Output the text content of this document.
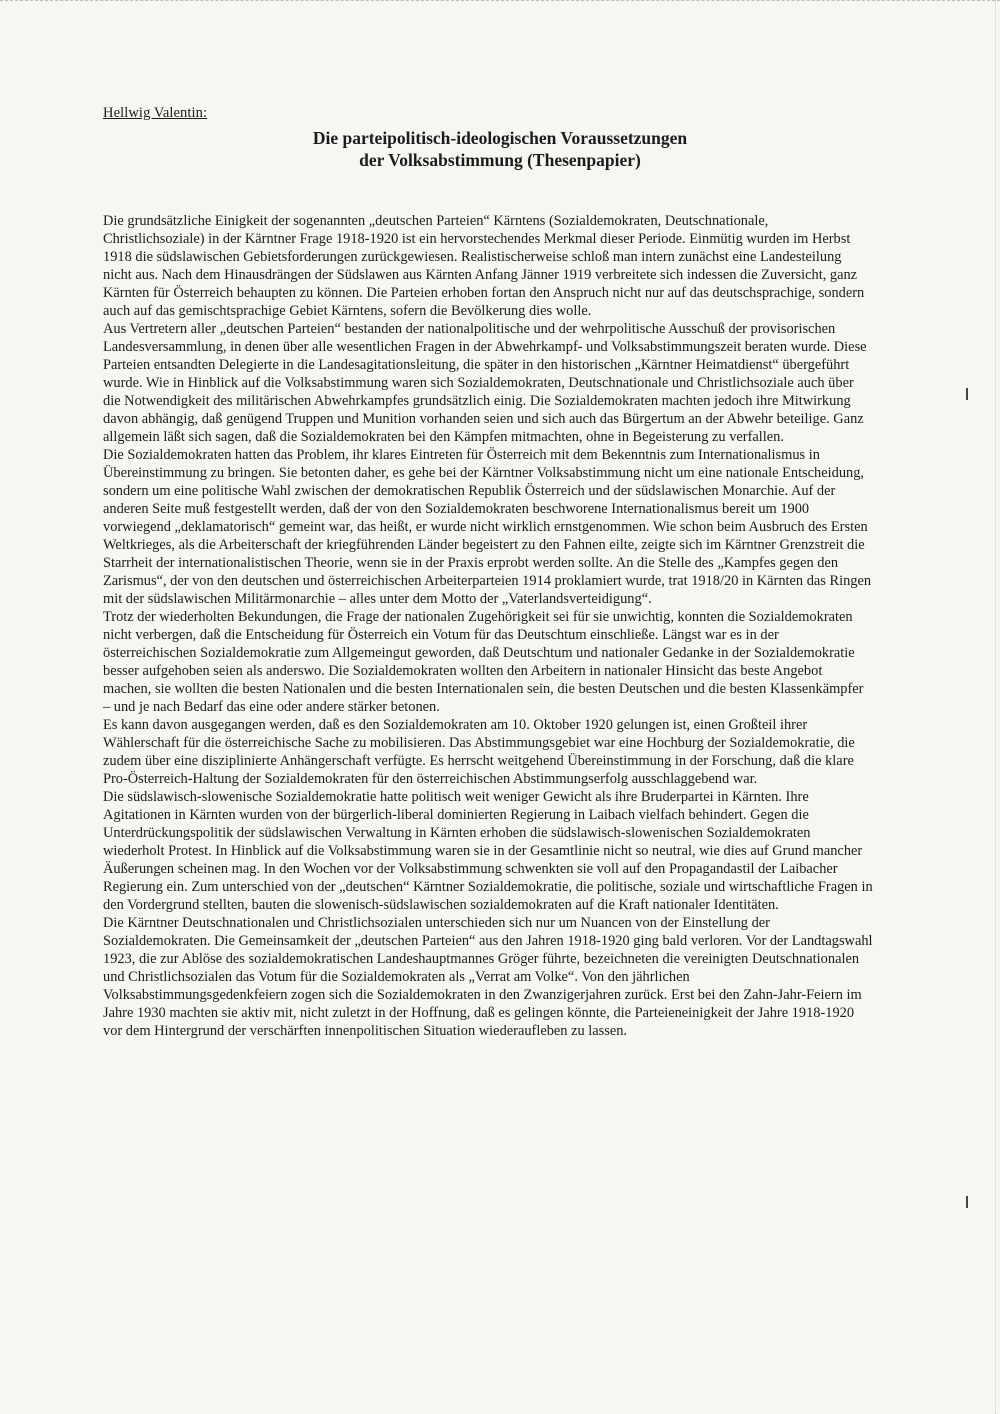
Hellwig Valentin:
Die parteipolitisch-ideologischen Voraussetzungen
der Volksabstimmung (Thesenpapier)

Die grundsätzliche Einigkeit der sogenannten „deutschen Parteien“ Kärntens (Sozialdemokraten, Deutschnationale, Christlichsoziale) in der Kärntner Frage 1918-1920 ist ein hervorstechendes Merkmal dieser Periode. Einmütig wurden im Herbst 1918 die südslawischen Gebietsforderungen zurückgewiesen. Realistischerweise schloß man intern zunächst eine Landesteilung nicht aus. Nach dem Hinausdrängen der Südslawen aus Kärnten Anfang Jänner 1919 verbreitete sich indessen die Zuversicht, ganz Kärnten für Österreich behaupten zu können. Die Parteien erhoben fortan den Anspruch nicht nur auf das deutschsprachige, sondern auch auf das gemischtsprachige Gebiet Kärntens, sofern die Bevölkerung dies wolle.

Aus Vertretern aller „deutschen Parteien“ bestanden der nationalpolitische und der wehrpolitische Ausschuß der provisorischen Landesversammlung, in denen über alle wesentlichen Fragen in der Abwehrkampf- und Volksabstimmungszeit beraten wurde. Diese Parteien entsandten Delegierte in die Landesagitationsleitung, die später in den historischen „Kärntner Heimatdienst“ übergeführt wurde. Wie in Hinblick auf die Volksabstimmung waren sich Sozialdemokraten, Deutschnationale und Christlichsoziale auch über die Notwendigkeit des militärischen Abwehrkampfes grundsätzlich einig. Die Sozialdemokraten machten jedoch ihre Mitwirkung davon abhängig, daß genügend Truppen und Munition vorhanden seien und sich auch das Bürgertum an der Abwehr beteilige. Ganz allgemein läßt sich sagen, daß die Sozialdemokraten bei den Kämpfen mitmachten, ohne in Begeisterung zu verfallen.

Die Sozialdemokraten hatten das Problem, ihr klares Eintreten für Österreich mit dem Bekenntnis zum Internationalismus in Übereinstimmung zu bringen. Sie betonten daher, es gehe bei der Kärntner Volksabstimmung nicht um eine nationale Entscheidung, sondern um eine politische Wahl zwischen der demokratischen Republik Österreich und der südslawischen Monarchie. Auf der anderen Seite muß festgestellt werden, daß der von den Sozialdemokraten beschworene Internationalismus bereit um 1900 vorwiegend „deklamatorisch“ gemeint war, das heißt, er wurde nicht wirklich ernstgenommen. Wie schon beim Ausbruch des Ersten Weltkrieges, als die Arbeiterschaft der kriegführenden Länder begeistert zu den Fahnen eilte, zeigte sich im Kärntner Grenzstreit die Starrheit der internationalistischen Theorie, wenn sie in der Praxis erprobt werden sollte. An die Stelle des „Kampfes gegen den Zarismus“, der von den deutschen und österreichischen Arbeiterparteien 1914 proklamiert wurde, trat 1918/20 in Kärnten das Ringen mit der südslawischen Militärmonarchie – alles unter dem Motto der „Vaterlandsverteidigung“.

Trotz der wiederholten Bekundungen, die Frage der nationalen Zugehörigkeit sei für sie unwichtig, konnten die Sozialdemokraten nicht verbergen, daß die Entscheidung für Österreich ein Votum für das Deutschtum einschließe. Längst war es in der österreichischen Sozialdemokratie zum Allgemeingut geworden, daß Deutschtum und nationaler Gedanke in der Sozialdemokratie besser aufgehoben seien als anderswo. Die Sozialdemokraten wollten den Arbeitern in nationaler Hinsicht das beste Angebot machen, sie wollten die besten Nationalen und die besten Internationalen sein, die besten Deutschen und die besten Klassenkämpfer – und je nach Bedarf das eine oder andere stärker betonen.

Es kann davon ausgegangen werden, daß es den Sozialdemokraten am 10. Oktober 1920 gelungen ist, einen Großteil ihrer Wählerschaft für die österreichische Sache zu mobilisieren. Das Abstimmungsgebiet war eine Hochburg der Sozialdemokratie, die zudem über eine disziplinierte Anhängerschaft verfügte. Es herrscht weitgehend Übereinstimmung in der Forschung, daß die klare Pro-Österreich-Haltung der Sozialdemokraten für den österreichischen Abstimmungserfolg ausschlaggebend war.

Die südslawisch-slowenische Sozialdemokratie hatte politisch weit weniger Gewicht als ihre Bruderpartei in Kärnten. Ihre Agitationen in Kärnten wurden von der bürgerlich-liberal dominierten Regierung in Laibach vielfach behindert. Gegen die Unterdrückungspolitik der südslawischen Verwaltung in Kärnten erhoben die südslawisch-slowenischen Sozialdemokraten wiederholt Protest. In Hinblick auf die Volksabstimmung waren sie in der Gesamtlinie nicht so neutral, wie dies auf Grund mancher Äußerungen scheinen mag. In den Wochen vor der Volksabstimmung schwenkten sie voll auf den Propagandastil der Laibacher Regierung ein. Zum unterschied von der „deutschen“ Kärntner Sozialdemokratie, die politische, soziale und wirtschaftliche Fragen in den Vordergrund stellten, bauten die slowenisch-südslawischen sozialdemokraten auf die Kraft nationaler Identitäten.

Die Kärntner Deutschnationalen und Christlichsozialen unterschieden sich nur um Nuancen von der Einstellung der Sozialdemokraten. Die Gemeinsamkeit der „deutschen Parteien“ aus den Jahren 1918-1920 ging bald verloren. Vor der Landtagswahl 1923, die zur Ablöse des sozialdemokratischen Landeshauptmannes Gröger führte, bezeichneten die vereinigten Deutschnationalen und Christlichsozialen das Votum für die Sozialdemokraten als „Verrat am Volke“. Von den jährlichen Volksabstimmungsgedenkfeiern zogen sich die Sozialdemokraten in den Zwanzigerjahren zurück. Erst bei den Zahn-Jahr-Feiern im Jahre 1930 machten sie aktiv mit, nicht zuletzt in der Hoffnung, daß es gelingen könnte, die Parteieneinigkeit der Jahre 1918-1920 vor dem Hintergrund der verschärften innenpolitischen Situation wiederaufleben zu lassen.
